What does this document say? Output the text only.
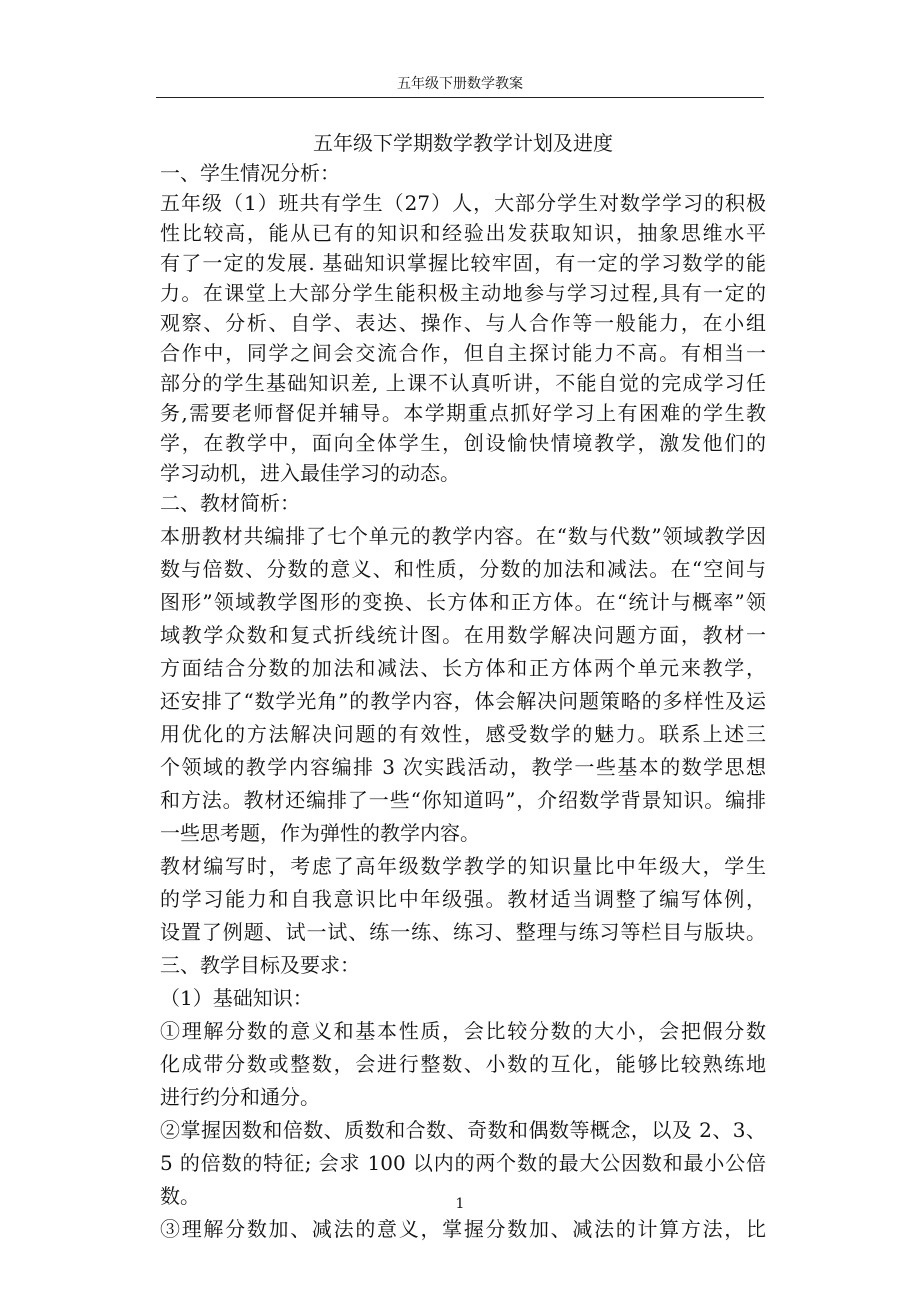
五年级下册数学教案
五年级下学期数学教学计划及进度
一、学生情况分析：
五年级（1）班共有学生（27）人，大部分学生对数学学习的积极
性比较高，能从已有的知识和经验出发获取知识，抽象思维水平
有了一定的发展. 基础知识掌握比较牢固，有一定的学习数学的能
力。在课堂上大部分学生能积极主动地参与学习过程,具有一定的
观察、分析、自学、表达、操作、与人合作等一般能力，在小组
合作中，同学之间会交流合作，但自主探讨能力不高。有相当一
部分的学生基础知识差, 上课不认真听讲，不能自觉的完成学习任
务,需要老师督促并辅导。本学期重点抓好学习上有困难的学生教
学，在教学中，面向全体学生，创设愉快情境教学，激发他们的
学习动机，进入最佳学习的动态。
二、教材简析：
本册教材共编排了七个单元的教学内容。在“数与代数”领域教学因
数与倍数、分数的意义、和性质，分数的加法和减法。在“空间与
图形”领域教学图形的变换、长方体和正方体。在“统计与概率”领
域教学众数和复式折线统计图。在用数学解决问题方面，教材一
方面结合分数的加法和减法、长方体和正方体两个单元来教学，
还安排了“数学光角”的教学内容，体会解决问题策略的多样性及运
用优化的方法解决问题的有效性，感受数学的魅力。联系上述三
个领域的教学内容编排 3 次实践活动，教学一些基本的数学思想
和方法。教材还编排了一些“你知道吗”，介绍数学背景知识。编排
一些思考题，作为弹性的教学内容。
教材编写时，考虑了高年级数学教学的知识量比中年级大，学生
的学习能力和自我意识比中年级强。教材适当调整了编写体例，
设置了例题、试一试、练一练、练习、整理与练习等栏目与版块。
三、教学目标及要求：
（1）基础知识：
①理解分数的意义和基本性质，会比较分数的大小，会把假分数
化成带分数或整数，会进行整数、小数的互化，能够比较熟练地
进行约分和通分。
②掌握因数和倍数、质数和合数、奇数和偶数等概念，以及 2、3、
5 的倍数的特征; 会求 100 以内的两个数的最大公因数和最小公倍
数。
③理解分数加、减法的意义，掌握分数加、减法的计算方法，比
1
